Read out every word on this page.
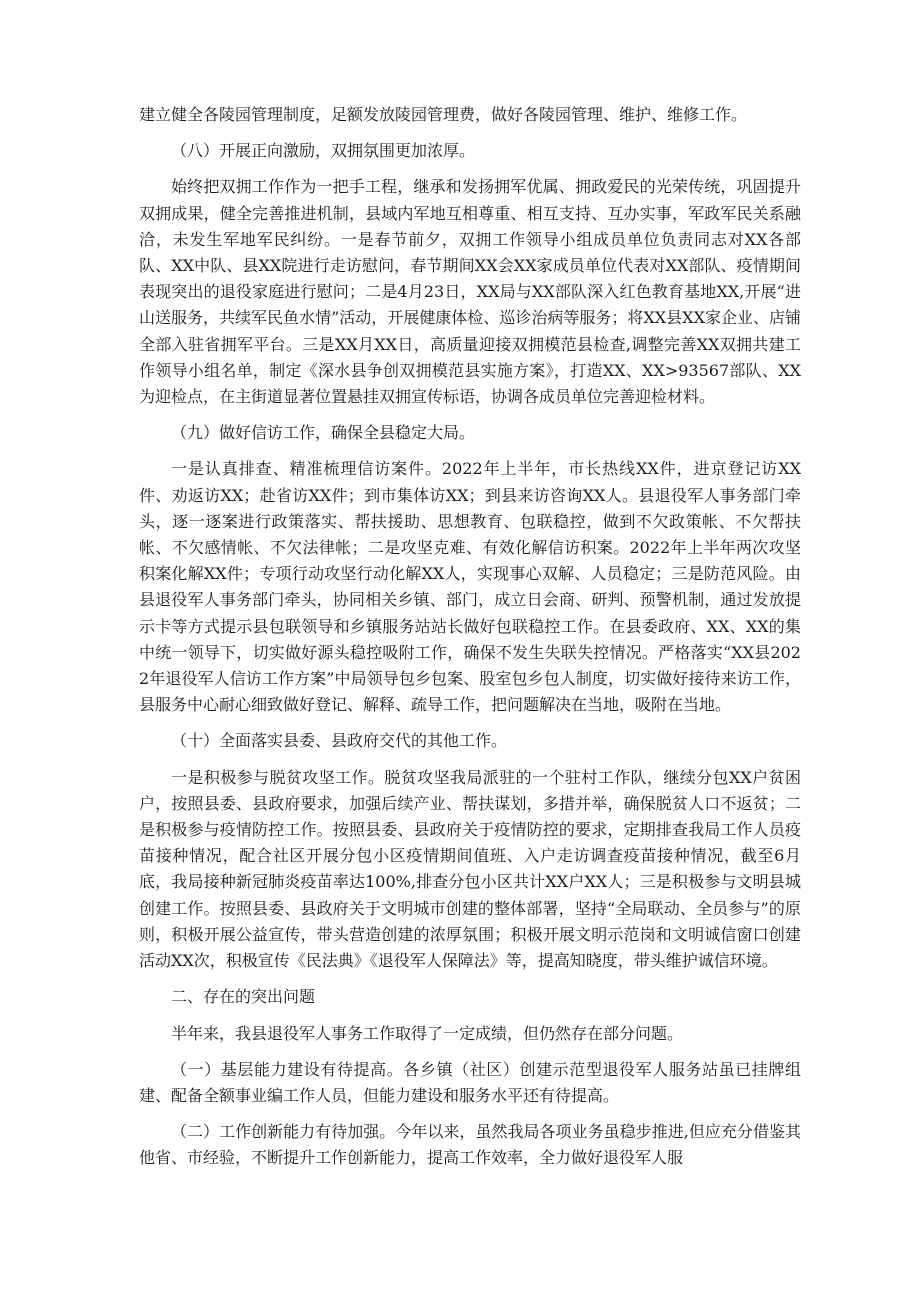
建立健全各陵园管理制度，足额发放陵园管理费，做好各陵园管理、维护、维修工作。

（八）开展正向激励，双拥氛围更加浓厚。

始终把双拥工作作为一把手工程，继承和发扬拥军优属、拥政爱民的光荣传统，巩固提升双拥成果，健全完善推进机制，县域内军地互相尊重、相互支持、互办实事，军政军民关系融洽，未发生军地军民纠纷。一是春节前夕，双拥工作领导小组成员单位负责同志对XX各部队、XX中队、县XX院进行走访慰问，春节期间XX会XX家成员单位代表对XX部队、疫情期间表现突出的退役家庭进行慰问；二是4月23日，XX局与XX部队深入红色教育基地XX,开展“进山送服务，共续军民鱼水情”活动，开展健康体检、巡诊治病等服务；将XX县XX家企业、店铺全部入驻省拥军平台。三是XX月XX日，高质量迎接双拥模范县检查,调整完善XX双拥共建工作领导小组名单，制定《深水县争创双拥模范县实施方案》，打造XX、XX>93567部队、XX为迎检点，在主街道显著位置悬挂双拥宣传标语，协调各成员单位完善迎检材料。

（九）做好信访工作，确保全县稳定大局。

一是认真排查、精准梳理信访案件。2022年上半年，市长热线XX件，进京登记访XX件、劝返访XX；赴省访XX件；到市集体访XX；到县来访咨询XX人。县退役军人事务部门牵头，逐一逐案进行政策落实、帮扶援助、思想教育、包联稳控，做到不欠政策帐、不欠帮扶帐、不欠感情帐、不欠法律帐；二是攻坚克难、有效化解信访积案。2022年上半年两次攻坚积案化解XX件；专项行动攻坚行动化解XX人，实现事心双解、人员稳定；三是防范风险。由县退役军人事务部门牵头，协同相关乡镇、部门，成立日会商、研判、预警机制，通过发放提示卡等方式提示县包联领导和乡镇服务站站长做好包联稳控工作。在县委政府、XX、XX的集中统一领导下，切实做好源头稳控吸附工作，确保不发生失联失控情况。严格落实“XX县2022年退役军人信访工作方案”中局领导包乡包案、股室包乡包人制度，切实做好接待来访工作，县服务中心耐心细致做好登记、解释、疏导工作，把问题解决在当地，吸附在当地。

（十）全面落实县委、县政府交代的其他工作。

一是积极参与脱贫攻坚工作。脱贫攻坚我局派驻的一个驻村工作队，继续分包XX户贫困户，按照县委、县政府要求，加强后续产业、帮扶谋划，多措并举，确保脱贫人口不返贫；二是积极参与疫情防控工作。按照县委、县政府关于疫情防控的要求，定期排查我局工作人员疫苗接种情况，配合社区开展分包小区疫情期间值班、入户走访调查疫苗接种情况，截至6月底，我局接种新冠肺炎疫苗率达100%,排查分包小区共计XX户XX人；三是积极参与文明县城创建工作。按照县委、县政府关于文明城市创建的整体部署，坚持“全局联动、全员参与”的原则，积极开展公益宣传，带头营造创建的浓厚氛围；积极开展文明示范岗和文明诚信窗口创建活动XX次，积极宣传《民法典》《退役军人保障法》等，提高知晓度，带头维护诚信环境。

二、存在的突出问题

半年来，我县退役军人事务工作取得了一定成绩，但仍然存在部分问题。

（一）基层能力建设有待提高。各乡镇（社区）创建示范型退役军人服务站虽已挂牌组建、配备全额事业编工作人员，但能力建设和服务水平还有待提高。

（二）工作创新能力有待加强。今年以来，虽然我局各项业务虽稳步推进,但应充分借鉴其他省、市经验，不断提升工作创新能力，提高工作效率，全力做好退役军人服
